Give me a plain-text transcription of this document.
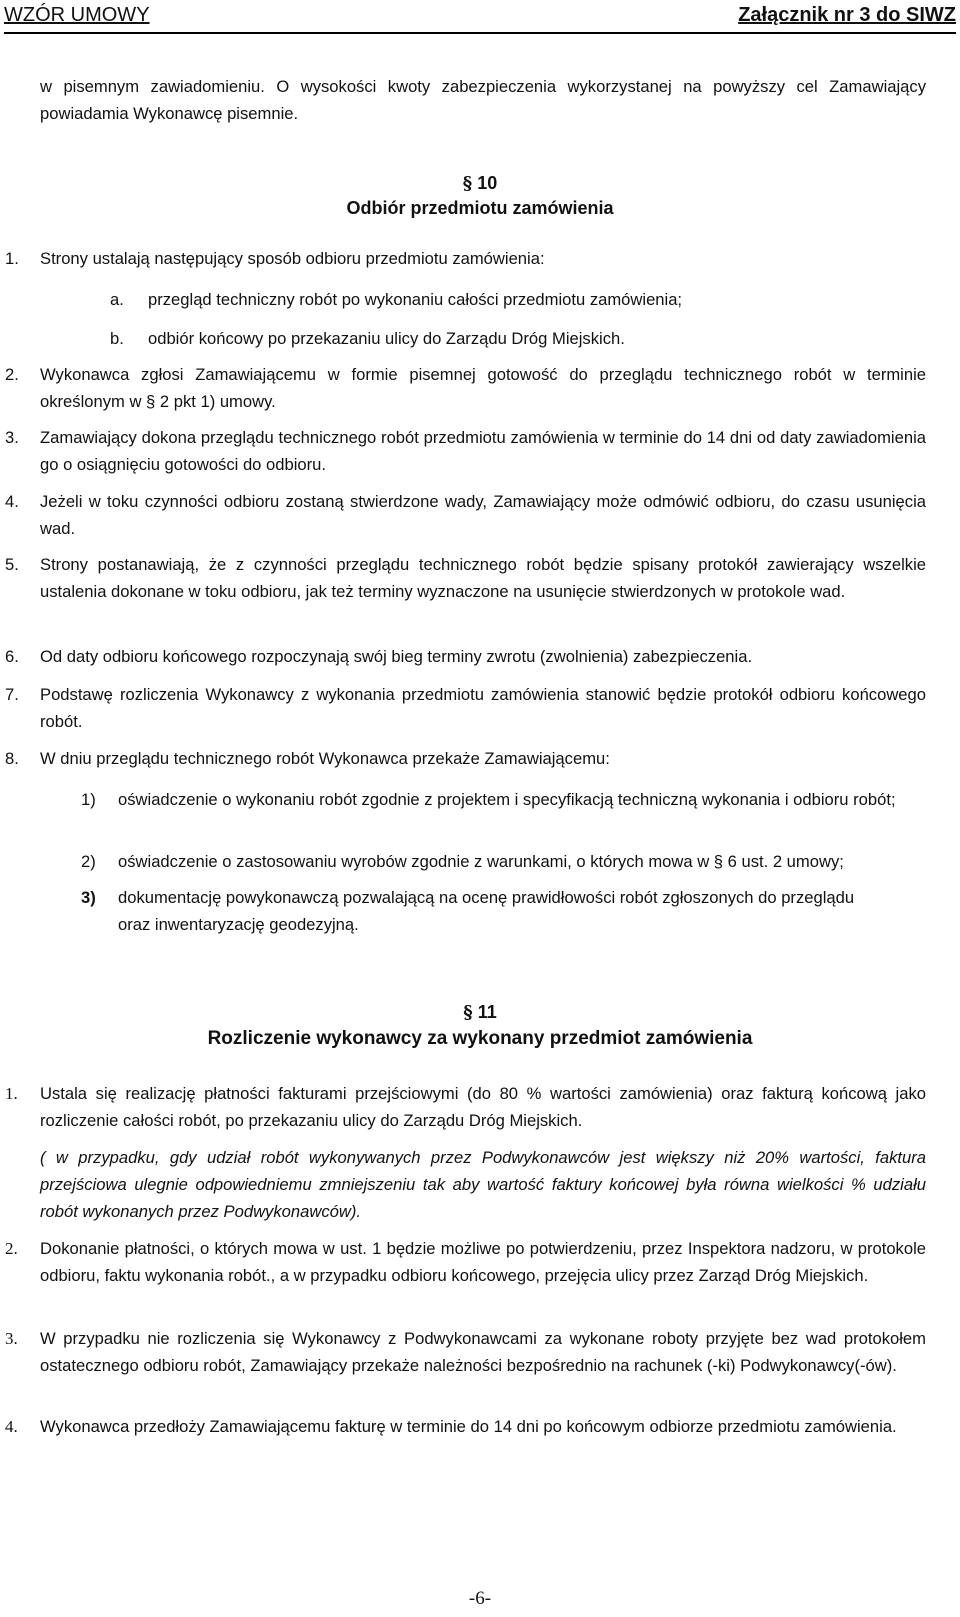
WZÓR UMOWY	Załącznik nr 3 do SIWZ

w pisemnym zawiadomieniu. O wysokości kwoty zabezpieczenia wykorzystanej na powyższy cel Zamawiający powiadamia Wykonawcę pisemnie.

§ 10
Odbiór przedmiotu zamówienia
1. Strony ustalają następujący sposób odbioru przedmiotu zamówienia:

a. przegląd techniczny robót po wykonaniu całości przedmiotu zamówienia;

b. odbiór końcowy po przekazaniu ulicy do Zarządu Dróg Miejskich.

2. Wykonawca zgłosi Zamawiającemu w formie pisemnej gotowość do przeglądu technicznego robót w terminie określonym w § 2 pkt 1) umowy.

3. Zamawiający dokona przeglądu technicznego robót przedmiotu zamówienia w terminie do 14 dni od daty zawiadomienia go o osiągnięciu gotowości do odbioru.

4. Jeżeli w toku czynności odbioru zostaną stwierdzone wady, Zamawiający może odmówić odbioru, do czasu usunięcia wad.

5. Strony postanawiają, że z czynności przeglądu technicznego robót będzie spisany protokół zawierający wszelkie ustalenia dokonane w toku odbioru, jak też terminy wyznaczone na usunięcie stwierdzonych w protokole wad.

6. Od daty odbioru końcowego rozpoczynają swój bieg terminy zwrotu (zwolnienia) zabezpieczenia.

7. Podstawę rozliczenia Wykonawcy z wykonania przedmiotu zamówienia stanowić będzie protokół odbioru końcowego robót.

8. W dniu przeglądu technicznego robót Wykonawca przekaże Zamawiającemu:

1) oświadczenie o wykonaniu robót zgodnie z projektem i specyfikacją techniczną wykonania i odbioru robót;

2) oświadczenie o zastosowaniu wyrobów zgodnie z warunkami, o których mowa w § 6 ust. 2 umowy;

3) dokumentację powykonawczą pozwalającą na ocenę prawidłowości robót zgłoszonych do przeglądu oraz inwentaryzację geodezyjną.

§ 11
Rozliczenie wykonawcy za wykonany przedmiot zamówienia
1. Ustala się realizację płatności fakturami przejściowymi (do 80 % wartości zamówienia) oraz fakturą końcową jako rozliczenie całości robót, po przekazaniu ulicy do Zarządu Dróg Miejskich.

( w przypadku, gdy udział robót wykonywanych przez Podwykonawców jest większy niż 20% wartości, faktura przejściowa ulegnie odpowiedniemu zmniejszeniu tak aby wartość faktury końcowej była równa wielkości % udziału robót wykonanych przez Podwykonawców).

2. Dokonanie płatności, o których mowa w ust. 1 będzie możliwe po potwierdzeniu, przez Inspektora nadzoru, w protokole odbioru, faktu wykonania robót., a w przypadku odbioru końcowego, przejęcia ulicy przez Zarząd Dróg Miejskich.

3. W przypadku nie rozliczenia się Wykonawcy z Podwykonawcami za wykonane roboty przyjęte bez wad protokołem ostatecznego odbioru robót, Zamawiający przekaże należności bezpośrednio na rachunek (-ki) Podwykonawcy(-ów).

4. Wykonawca przedłoży Zamawiającemu fakturę w terminie do 14 dni po końcowym odbiorze przedmiotu zamówienia.

-6-
